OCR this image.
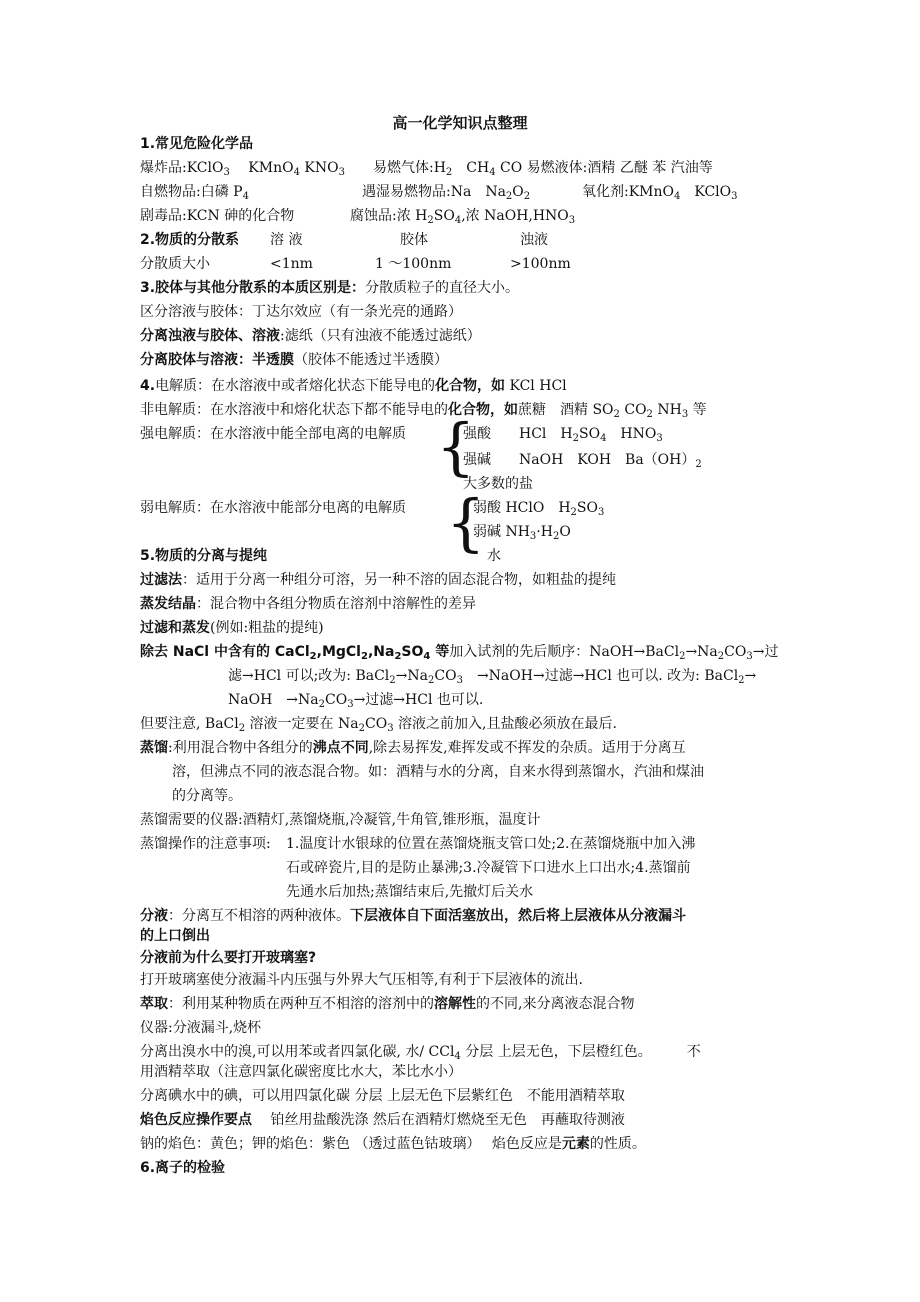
高一化学知识点整理
1.常见危险化学品
爆炸品:KClO$_3$　 KMnO$_4$ $KNO_3$　　易燃气体$:H_2$　$CH_4$ CO 易燃液体:酒精 乙醚 苯 汽油等
自燃物品:白磷 $P_4$	遇湿易燃物品:Na　$Na_2O_2$	氧化剂:KMnO$_4$　KClO$_3$
剧毒品:KCN 砷的化合物	腐蚀品:浓 $H_2SO_4$,浓 $NaOH,HNO_3$
2.物质的分散系 溶 液	胶体	浊液
分散质大小	<1nm	1 ～100nm	>100nm
3.胶体与其他分散系的本质区别是：分散质粒子的直径大小。
区分溶液与胶体：丁达尔效应（有一条光亮的通路）
分离浊液与胶体、溶液:滤纸（只有浊液不能透过滤纸）
分离胶体与溶液：半透膜（胶体不能透过半透膜）
4.电解质：在水溶液中或者熔化状态下能导电的化合物，如 KCl HCl
非电解质：在水溶液中和熔化状态下都不能导电的化合物，如蔗糖　酒精 $SO_2$ $CO_2$ $NH_3$ 等
强电解质：在水溶液中能全部电离的电解质 {
强酸　　HCl　$H_2SO_4$　$HNO_3$
强碱　　NaOH　KOH　$Ba(OH)_2$
大多数的盐
弱电解质：在水溶液中能部分电离的电解质 {
弱酸 HClO　$H_2SO_3$
弱碱 $NH_3\cdot H_2O$
水
5.物质的分离与提纯
过滤法：适用于分离一种组分可溶，另一种不溶的固态混合物，如粗盐的提纯
蒸发结晶：混合物中各组分物质在溶剂中溶解性的差异
过滤和蒸发(例如:粗盐的提纯)
除去 NaCl 中含有的 $CaCl_2,MgCl_2,Na_2SO_4$ 等加入试剂的先后顺序：$NaOH\to BaCl_2\to Na_2CO_3\to$过
滤→HCl 可以;改为: $BaCl_2\to Na_2CO_3$　→NaOH→过滤→HCl 也可以. 改为: BaCl$_2$→
NaOH　$\to Na_2CO_3\to$过滤→HCl 也可以.
但要注意, BaCl$_2$ 溶液一定要在 $Na_2CO_3$ 溶液之前加入,且盐酸必须放在最后.
蒸馏:利用混合物中各组分的沸点不同,除去易挥发,难挥发或不挥发的杂质。适用于分离互
溶，但沸点不同的液态混合物。如：酒精与水的分离，自来水得到蒸馏水，汽油和煤油
的分离等。
蒸馏需要的仪器:酒精灯,蒸馏烧瓶,冷凝管,牛角管,锥形瓶，温度计
蒸馏操作的注意事项: 1.温度计水银球的位置在蒸馏烧瓶支管口处;2.在蒸馏烧瓶中加入沸
石或碎瓷片,目的是防止暴沸;3.冷凝管下口进水上口出水;4.蒸馏前
先通水后加热;蒸馏结束后,先撤灯后关水
分液：分离互不相溶的两种液体。下层液体自下面活塞放出，然后将上层液体从分液漏斗
的上口倒出
分液前为什么要打开玻璃塞?
打开玻璃塞使分液漏斗内压强与外界大气压相等,有利于下层液体的流出.
萃取：利用某种物质在两种互不相溶的溶剂中的溶解性的不同,来分离液态混合物
仪器:分液漏斗,烧杯
分离出溴水中的溴,可以用苯或者四氯化碳, 水/ CCl$_4$ 分层 上层无色，下层橙红色。　　　不
用酒精萃取（注意四氯化碳密度比水大，苯比水小）
分离碘水中的碘，可以用四氯化碳 分层 上层无色下层紫红色　不能用酒精萃取
焰色反应操作要点　 铂丝用盐酸洗涤 然后在酒精灯燃烧至无色　再蘸取待测液
钠的焰色：黄色；钾的焰色：紫色 （透过蓝色钴玻璃）　 焰色反应是元素的性质。
6.离子的检验
